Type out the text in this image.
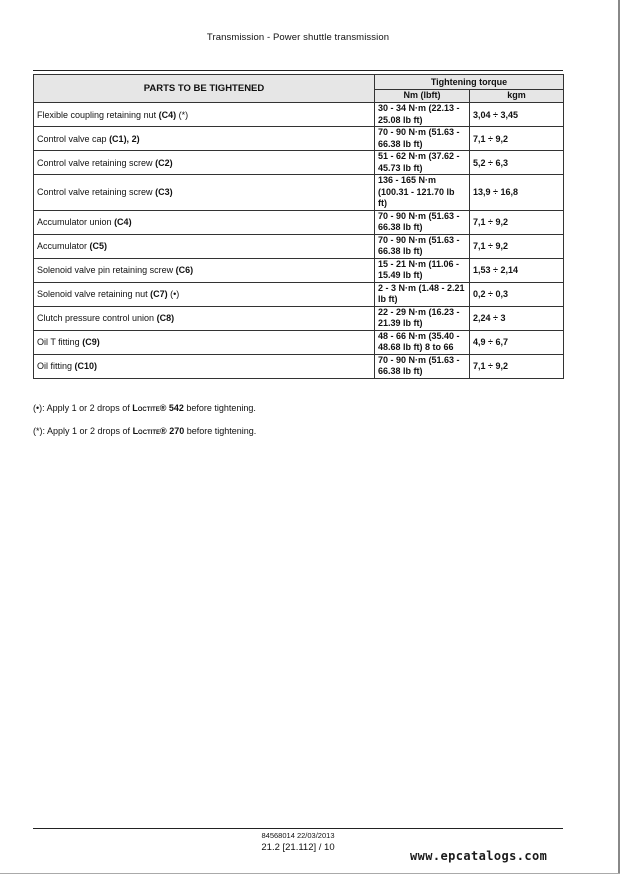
Transmission - Power shuttle transmission
PARTS TO BE TIGHTENED	Tightening torque	
	Nm (lbft)	kgm
Flexible coupling retaining nut (C4) (*)	30 - 34 N·m (22.13 - 25.08 lb ft)	3,04 ÷ 3,45
Control valve cap (C1), 2)	70 - 90 N·m (51.63 - 66.38 lb ft)	7,1 ÷ 9,2
Control valve retaining screw (C2)	51 - 62 N·m (37.62 - 45.73 lb ft)	5,2 ÷ 6,3
Control valve retaining screw (C3)	136 - 165 N·m (100.31 - 121.70 lb ft)	13,9 ÷ 16,8
Accumulator union (C4)	70 - 90 N·m (51.63 - 66.38 lb ft)	7,1 ÷ 9,2
Accumulator (C5)	70 - 90 N·m (51.63 - 66.38 lb ft)	7,1 ÷ 9,2
Solenoid valve pin retaining screw (C6)	15 - 21 N·m (11.06 - 15.49 lb ft)	1,53 ÷ 2,14
Solenoid valve retaining nut (C7) (•)	2 - 3 N·m (1.48 - 2.21 lb ft)	0,2 ÷ 0,3
Clutch pressure control union (C8)	22 - 29 N·m (16.23 - 21.39 lb ft)	2,24 ÷ 3
Oil T fitting (C9)	48 - 66 N·m (35.40 - 48.68 lb ft) 8 to 66	4,9 ÷ 6,7
Oil fitting (C10)	70 - 90 N·m (51.63 - 66.38 lb ft)	7,1 ÷ 9,2
(•): Apply 1 or 2 drops of Loctite® 542 before tightening.
(*): Apply 1 or 2 drops of Loctite® 270 before tightening.
84568014 22/03/2013
21.2 [21.112] / 10
www.epcatalogs.com
